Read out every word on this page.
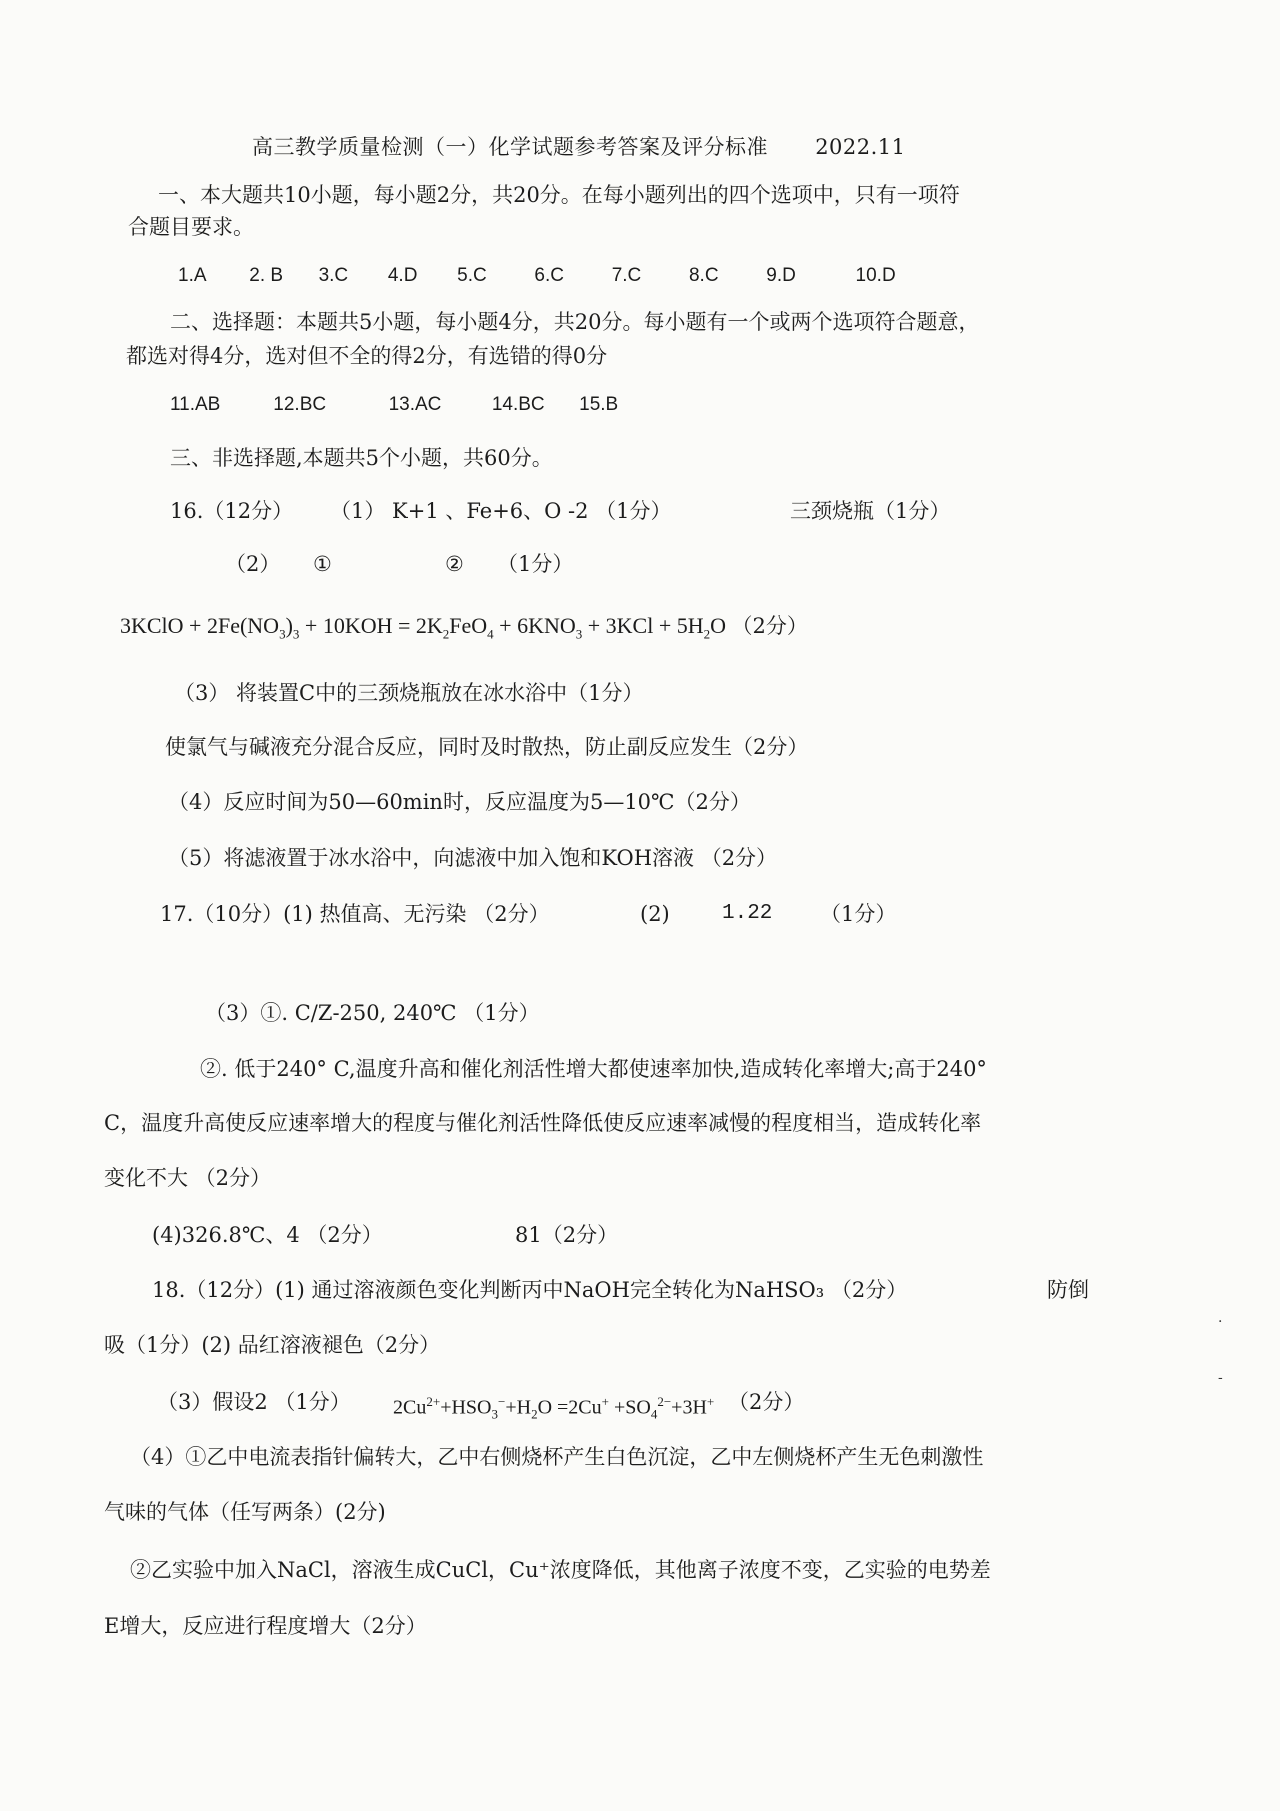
高三教学质量检测（一）化学试题参考答案及评分标准 2022.11
一、本大题共10小题，每小题2分，共20分。在每小题列出的四个选项中，只有一项符
合题目要求。
1.A 2. B 3.C 4.D 5.C	6.C	7.C	8.C	9.D	10.D
二、选择题：本题共5小题，每小题4分，共20分。每小题有一个或两个选项符合题意，
都选对得4分，选对但不全的得2分，有选错的得0分
11.AB	12.BC	13.AC	14.BC 15.B
三、非选择题,本题共5个小题，共60分。
16.（12分） （1） K+1 、Fe+6、O -2 （1分）	三颈烧瓶（1分）
（2） ①	② （1分）
3KClO + $2Fe(NO_3)_3 + 10KOH = 2K_2FeO_4 + 6KNO_3 + 3KCl + 5H_2O$ （2分）
（3） 将装置C中的三颈烧瓶放在冰水浴中（1分）
使氯气与碱液充分混合反应，同时及时散热，防止副反应发生（2分）
（4）反应时间为50—60min时，反应温度为5—10℃（2分）
（5）将滤液置于冰水浴中，向滤液中加入饱和KOH溶液 （2分）
17.（10分）(1) 热值高、无污染 （2分）	(2) 1.22 （1分）
（3）①. C/Z-250, 240℃ （1分）
②. 低于240° C,温度升高和催化剂活性增大都使速率加快,造成转化率增大;高于240°
C，温度升高使反应速率增大的程度与催化剂活性降低使反应速率减慢的程度相当，造成转化率
变化不大 （2分）
(4)326.8℃、4 （2分）	81（2分）
18.（12分）(1) 通过溶液颜色变化判断丙中NaOH完全转化为NaHSO₃ （2分）	防倒
吸（1分）(2) 品红溶液褪色（2分）
（3）假设2 （1分） $2Cu^{2+}+HSO_3^-+H_2O =2Cu^+ +SO_4^{2-}+3H^+$ （2分）
（4）①乙中电流表指针偏转大，乙中右侧烧杯产生白色沉淀，乙中左侧烧杯产生无色刺激性
气味的气体（任写两条）(2分)
②乙实验中加入NaCl，溶液生成CuCl，Cu⁺浓度降低，其他离子浓度不变，乙实验的电势差
E增大，反应进行程度增大（2分）
·
-
